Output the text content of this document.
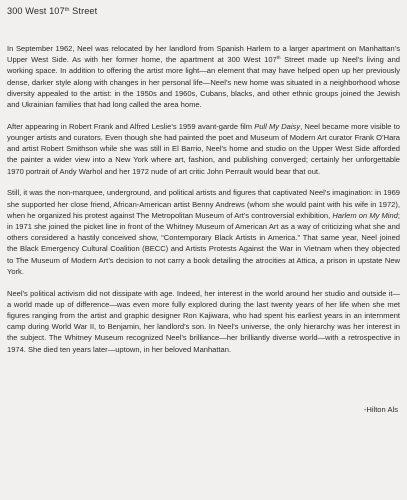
300 West 107th Street

In September 1962, Neel was relocated by her landlord from Spanish Harlem to a larger apartment on Manhattan’s Upper West Side. As with her former home, the apartment at 300 West 107th Street made up Neel’s living and working space. In addition to offering the artist more light—an element that may have helped open up her previously dense, darker style along with changes in her personal life—Neel’s new home was situated in a neighborhood whose diversity appealed to the artist: in the 1950s and 1960s, Cubans, blacks, and other ethnic groups joined the Jewish and Ukrainian families that had long called the area home.

After appearing in Robert Frank and Alfred Leslie’s 1959 avant-garde film Pull My Daisy, Neel became more visible to younger artists and curators. Even though she had painted the poet and Museum of Modern Art curator Frank O’Hara and artist Robert Smithson while she was still in El Barrio, Neel’s home and studio on the Upper West Side afforded the painter a wider view into a New York where art, fashion, and publishing converged; certainly her unforgettable 1970 portrait of Andy Warhol and her 1972 nude of art critic John Perrault would bear that out.

Still, it was the non-marquee, underground, and political artists and figures that captivated Neel’s imagination: in 1969 she supported her close friend, African-American artist Benny Andrews (whom she would paint with his wife in 1972), when he organized his protest against The Metropolitan Museum of Art’s controversial exhibition, Harlem on My Mind; in 1971 she joined the picket line in front of the Whitney Museum of American Art as a way of criticizing what she and others considered a hastily conceived show, “Contemporary Black Artists in America.” That same year, Neel joined the Black Emergency Cultural Coalition (BECC) and Artists Protests Against the War in Vietnam when they objected to The Museum of Modern Art’s decision to not carry a book detailing the atrocities at Attica, a prison in upstate New York.

Neel’s political activism did not dissipate with age. Indeed, her interest in the world around her studio and outside it—a world made up of difference—was even more fully explored during the last twenty years of her life when she met figures ranging from the artist and graphic designer Ron Kajiwara, who had spent his earliest years in an internment camp during World War II, to Benjamin, her landlord’s son. In Neel’s universe, the only hierarchy was her interest in the subject. The Whitney Museum recognized Neel’s brilliance—her brilliantly diverse world—with a retrospective in 1974. She died ten years later—uptown, in her beloved Manhattan.

-Hilton Als
